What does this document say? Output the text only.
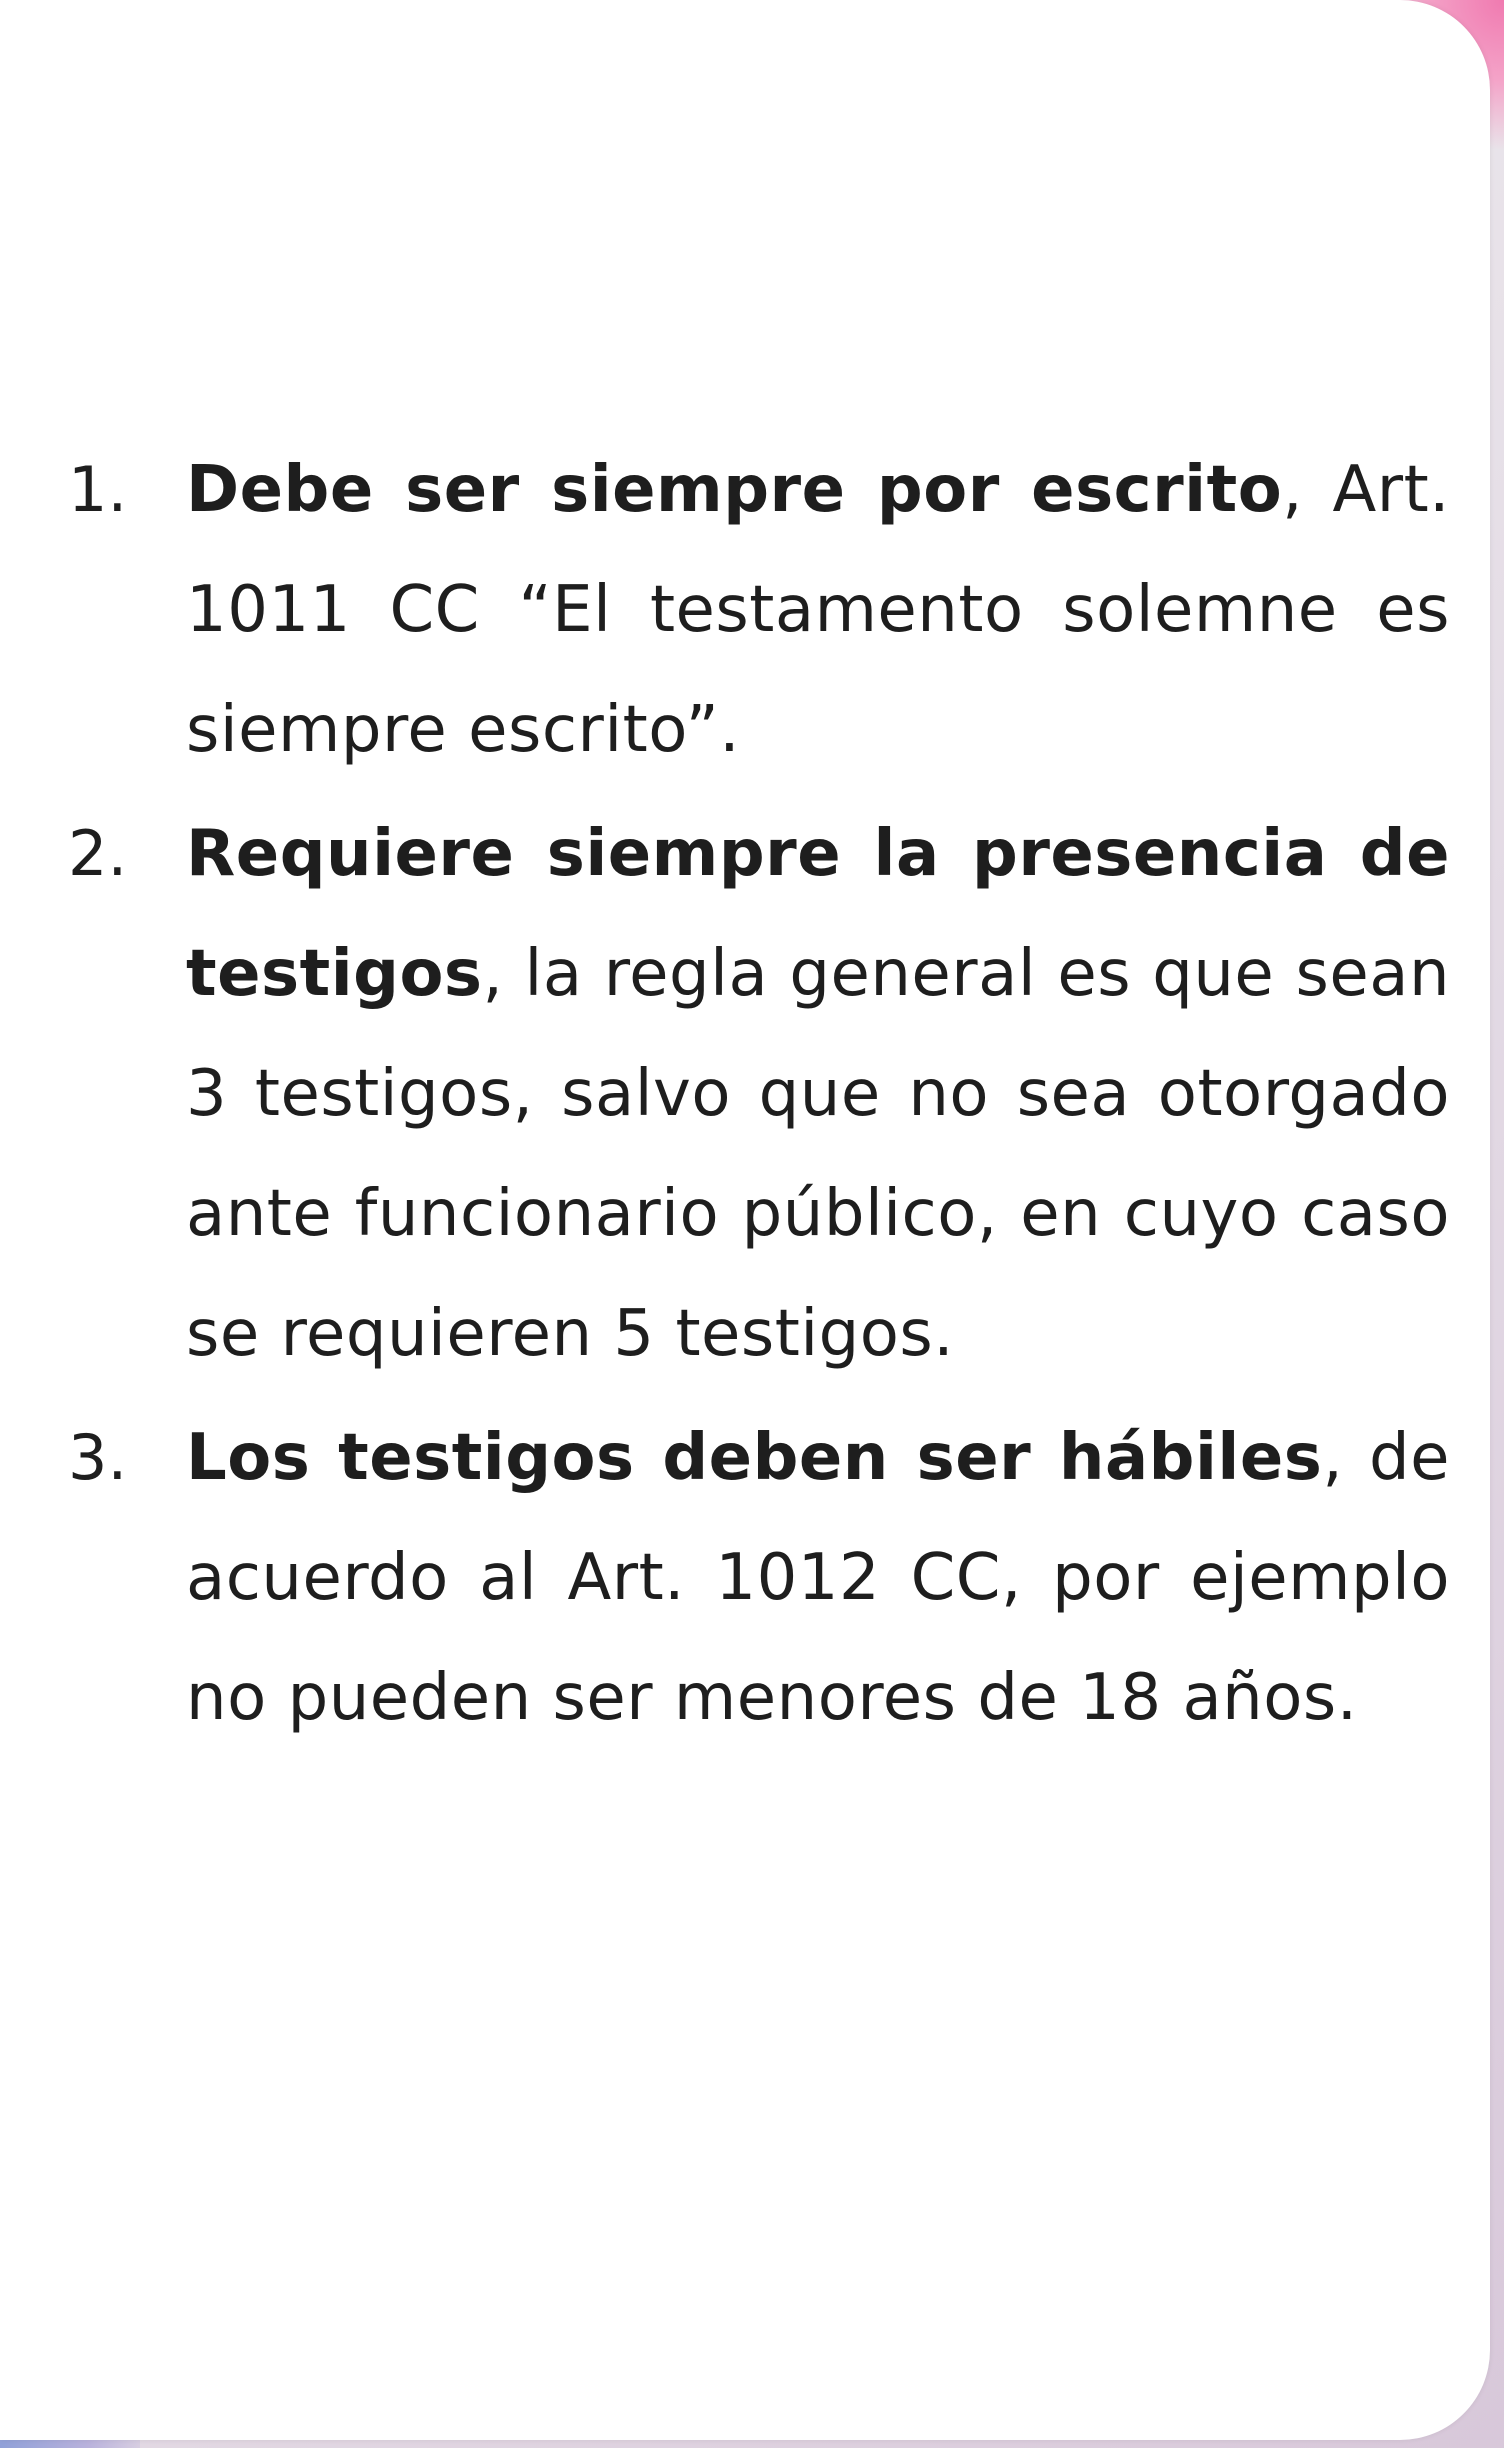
1. Debe ser siempre por escrito, Art. 1011 CC “El testamento solemne es siempre escrito”.
2. Requiere siempre la presencia de testigos, la regla general es que sean 3 testigos, salvo que no sea otorgado ante funcionario público, en cuyo caso se requieren 5 testigos.
3. Los testigos deben ser hábiles, de acuerdo al Art. 1012 CC, por ejemplo no pueden ser menores de 18 años.
